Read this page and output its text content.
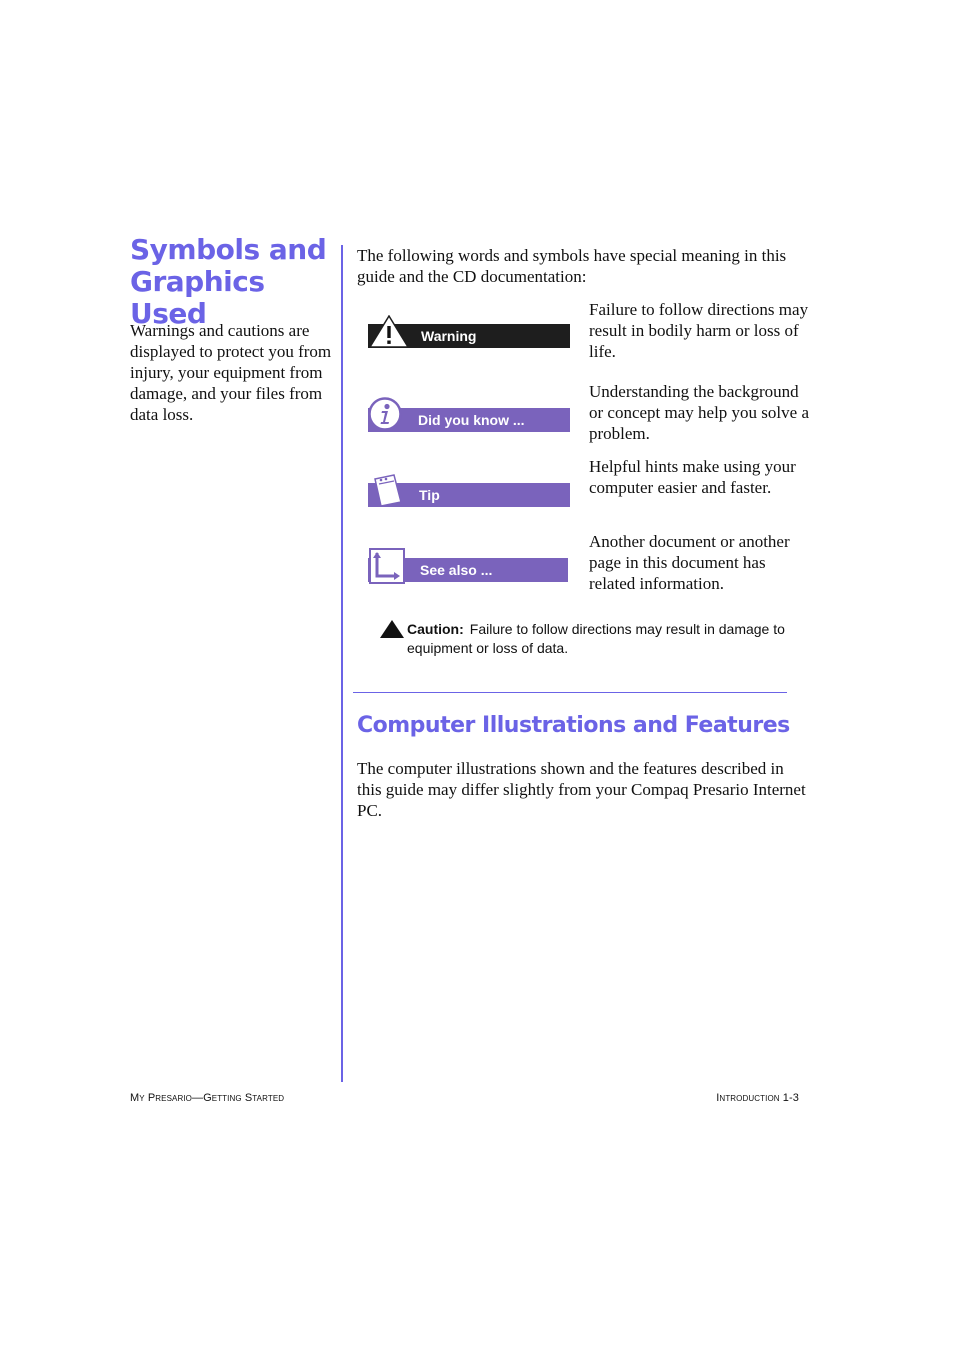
Symbols and
Graphics Used
Warnings and cautions are displayed to protect you from injury, your equipment from damage, and your files from data loss.
The following words and symbols have special meaning in this guide and the CD documentation:
Warning
Failure to follow directions may result in bodily harm or loss of life.
Did you know ...
Understanding the background or concept may help you solve a problem.
Tip
Helpful hints make using your computer easier and faster.
See also ...
Another document or another page in this document has related information.
Caution: Failure to follow directions may result in damage to equipment or loss of data.
Computer Illustrations and Features
The computer illustrations shown and the features described in this guide may differ slightly from your Compaq Presario Internet PC.
My Presario—Getting Started	Introduction 1-3
